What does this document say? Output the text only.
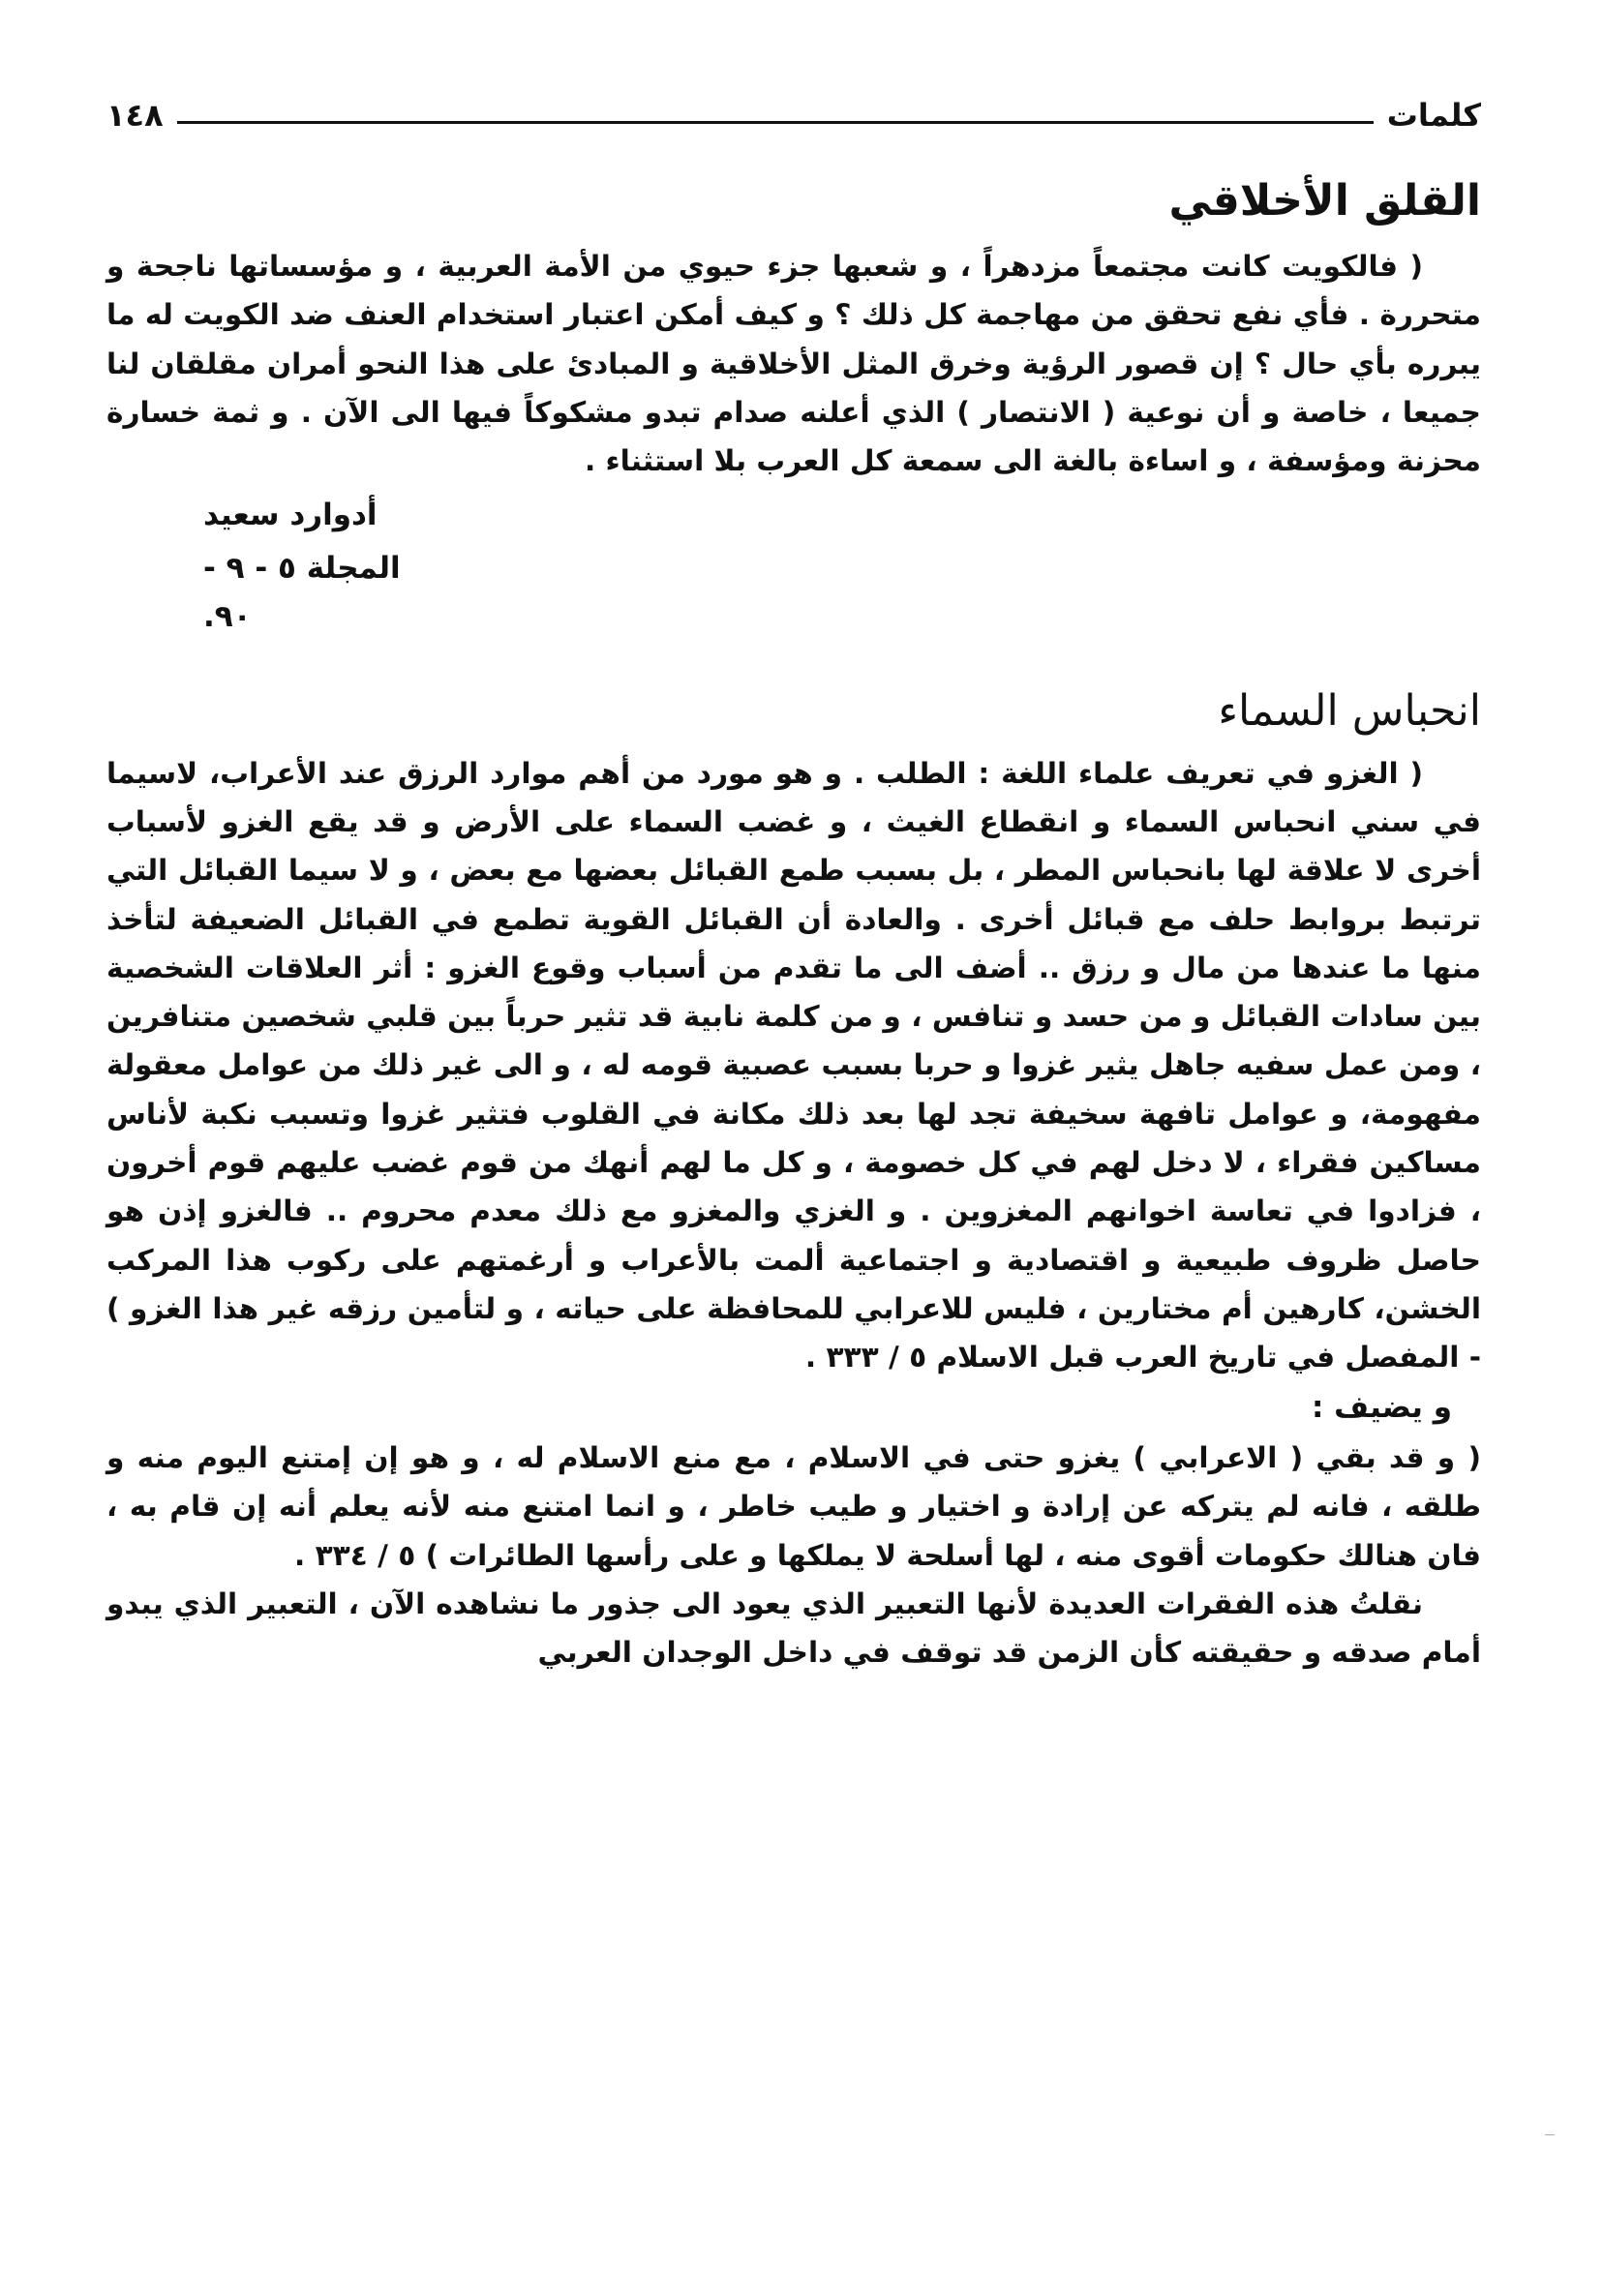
كلمات
١٤٨
القلق الأخلاقي

( فالكويت كانت مجتمعاً مزدهراً ، و شعبها جزء حيوي من الأمة العربية ، و مؤسساتها ناجحة و متحررة . فأي نفع تحقق من مهاجمة كل ذلك ؟ و كيف أمكن اعتبار استخدام العنف ضد الكويت له ما يبرره بأي حال ؟ إن قصور الرؤية وخرق المثل الأخلاقية و المبادئ على هذا النحو أمران مقلقان لنا جميعا ، خاصة و أن نوعية ( الانتصار ) الذي أعلنه صدام تبدو مشكوكاً فيها الى الآن . و ثمة خسارة محزنة ومؤسفة ، و اساءة بالغة الى سمعة كل العرب بلا استثناء .

أدوارد سعيد
المجلة ٥ - ٩ - ٩٠.
انحباس السماء

( الغزو في تعريف علماء اللغة : الطلب . و هو مورد من أهم موارد الرزق عند الأعراب، لاسيما في سني انحباس السماء و انقطاع الغيث ، و غضب السماء على الأرض و قد يقع الغزو لأسباب أخرى لا علاقة لها بانحباس المطر ، بل بسبب طمع القبائل بعضها مع بعض ، و لا سيما القبائل التي ترتبط بروابط حلف مع قبائل أخرى . والعادة أن القبائل القوية تطمع في القبائل الضعيفة لتأخذ منها ما عندها من مال و رزق .. أضف الى ما تقدم من أسباب وقوع الغزو : أثر العلاقات الشخصية بين سادات القبائل و من حسد و تنافس ، و من كلمة نابية قد تثير حرباً بين قلبي شخصين متنافرين ، ومن عمل سفيه جاهل يثير غزوا و حربا بسبب عصبية قومه له ، و الى غير ذلك من عوامل معقولة مفهومة، و عوامل تافهة سخيفة تجد لها بعد ذلك مكانة في القلوب فتثير غزوا وتسبب نكبة لأناس مساكين فقراء ، لا دخل لهم في كل خصومة ، و كل ما لهم أنهك من قوم غضب عليهم قوم أخرون ، فزادوا في تعاسة اخوانهم المغزوين . و الغزي والمغزو مع ذلك معدم محروم .. فالغزو إذن هو حاصل ظروف طبيعية و اقتصادية و اجتماعية ألمت بالأعراب و أرغمتهم على ركوب هذا المركب الخشن، كارهين أم مختارين ، فليس للاعرابي للمحافظة على حياته ، و لتأمين رزقه غير هذا الغزو ) - المفصل في تاريخ العرب قبل الاسلام ٥ / ٣٣٣ .

و يضيف :

( و قد بقي ( الاعرابي ) يغزو حتى في الاسلام ، مع منع الاسلام له ، و هو إن إمتنع اليوم منه و طلقه ، فانه لم يتركه عن إرادة و اختيار و طيب خاطر ، و انما امتنع منه لأنه يعلم أنه إن قام به ، فان هنالك حكومات أقوى منه ، لها أسلحة لا يملكها و على رأسها الطائرات ) ٥ / ٣٣٤ .

نقلتُ هذه الفقرات العديدة لأنها التعبير الذي يعود الى جذور ما نشاهده الآن ، التعبير الذي يبدو أمام صدقه و حقيقته كأن الزمن قد توقف في داخل الوجدان العربي
